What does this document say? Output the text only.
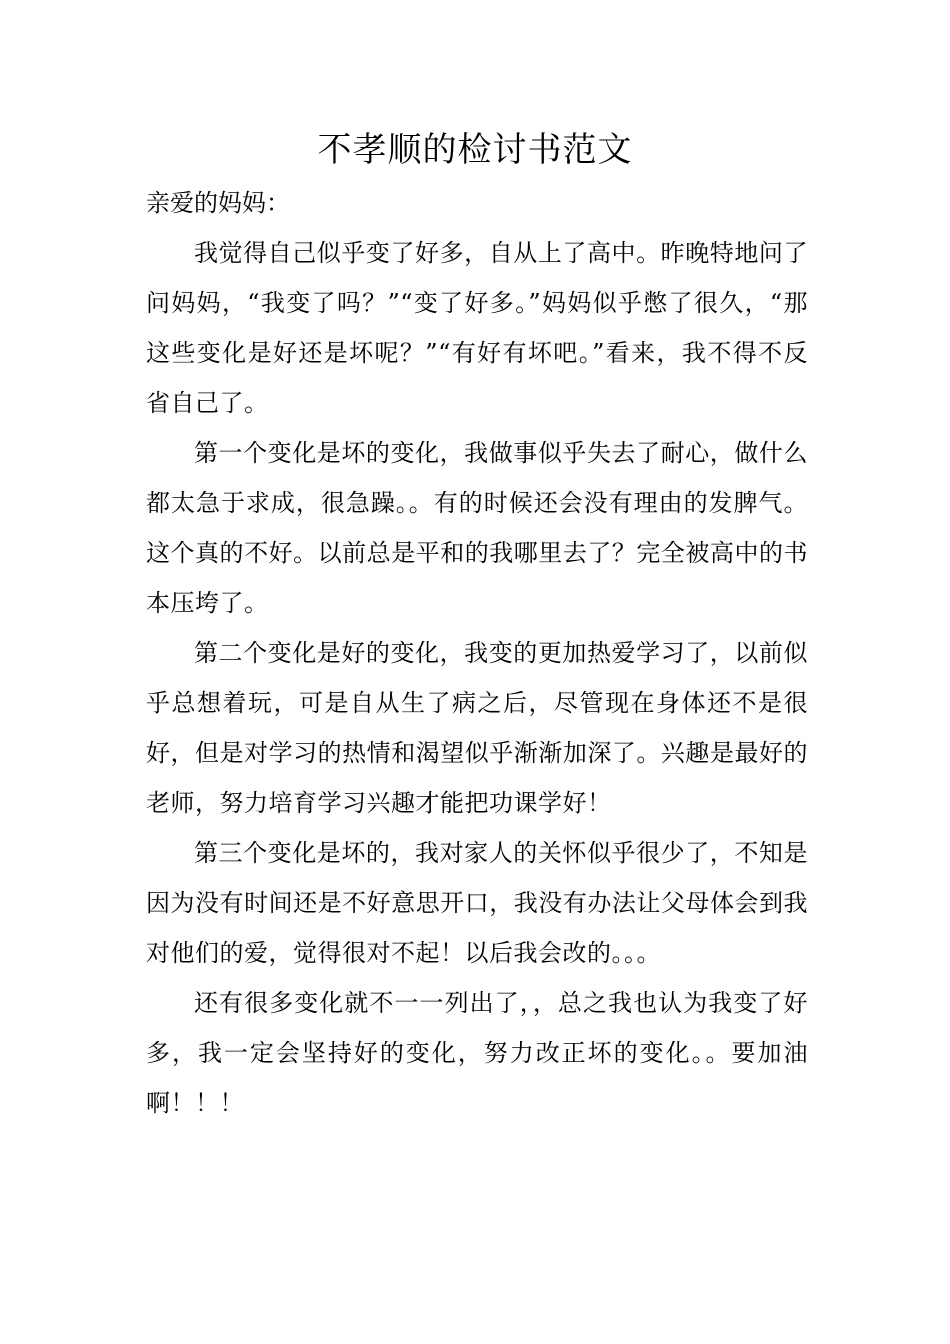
不孝顺的检讨书范文

亲爱的妈妈：

我觉得自己似乎变了好多，自从上了高中。昨晚特地问了问妈妈，“我变了吗？”“变了好多。”妈妈似乎憋了很久，“那这些变化是好还是坏呢？”“有好有坏吧。”看来，我不得不反省自己了。

第一个变化是坏的变化，我做事似乎失去了耐心，做什么都太急于求成，很急躁。。有的时候还会没有理由的发脾气。这个真的不好。以前总是平和的我哪里去了？完全被高中的书本压垮了。

第二个变化是好的变化，我变的更加热爱学习了，以前似乎总想着玩，可是自从生了病之后，尽管现在身体还不是很好，但是对学习的热情和渴望似乎渐渐加深了。兴趣是最好的老师，努力培育学习兴趣才能把功课学好！

第三个变化是坏的，我对家人的关怀似乎很少了，不知是因为没有时间还是不好意思开口，我没有办法让父母体会到我对他们的爱，觉得很对不起！以后我会改的。。。

还有很多变化就不一一列出了，，总之我也认为我变了好多，我一定会坚持好的变化，努力改正坏的变化。。要加油啊！！！
